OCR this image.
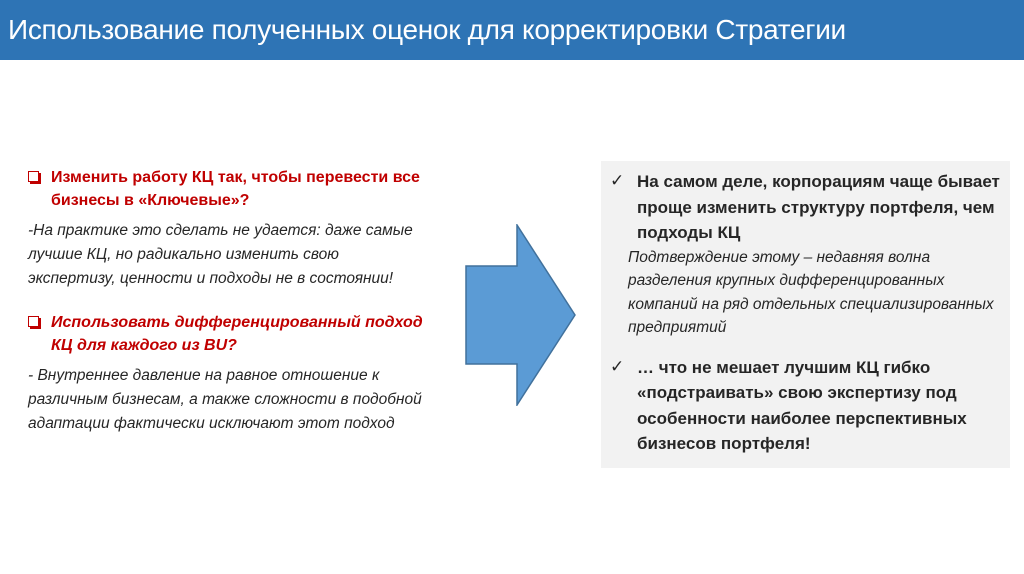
Использование полученных оценок для корректировки Стратегии
Изменить работу КЦ так, чтобы перевести все бизнесы в «Ключевые»?
-На практике это сделать не удается: даже самые лучшие КЦ, но радикально изменить свою экспертизу, ценности и подходы не в состоянии!
Использовать дифференцированный подход КЦ для каждого из BU?
- Внутреннее давление на равное отношение к различным бизнесам, а также сложности в подобной адаптации фактически исключают этот подход
✓ На самом деле, корпорациям чаще бывает проще изменить структуру портфеля, чем подходы КЦ
Подтверждение этому – недавняя волна разделения крупных дифференцированных компаний на ряд отдельных специализированных предприятий
✓ … что не мешает лучшим КЦ гибко «подстраивать» свою экспертизу под особенности наиболее перспективных бизнесов портфеля!
